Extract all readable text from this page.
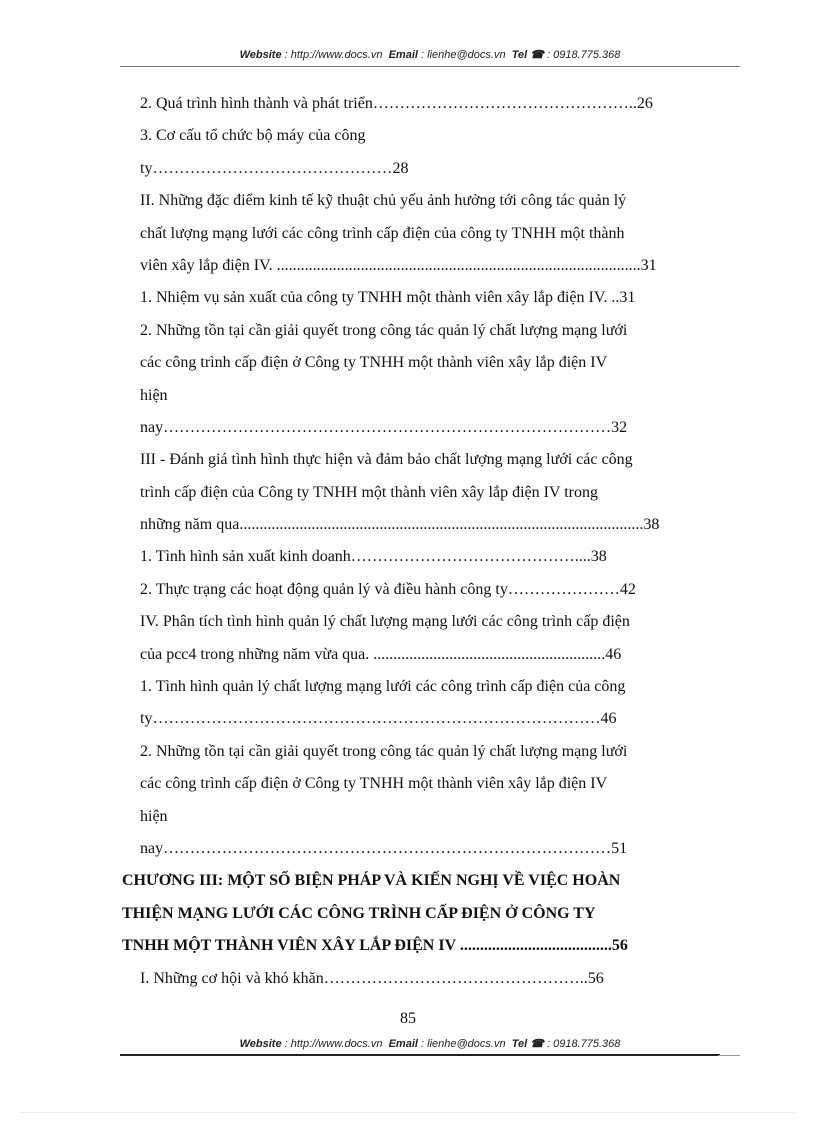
Website : http://www.docs.vn Email : lienhe@docs.vn Tel ☎ : 0918.775.368
2. Quá trình hình thành và phát triển…………………………………………..26
3. Cơ cấu tổ chức bộ máy của công
ty………………………………………28
II. Những đặc điểm kinh tế kỹ thuật chủ yếu ảnh hưởng tới công tác quản lý
chất lượng mạng lưới các công trình cấp điện của công ty TNHH một thành
viên xây lắp điện IV. ...........................................................................................31
1. Nhiệm vụ sản xuất của công ty TNHH một thành viên xây lắp điện IV. ..31
2. Những tồn tại cần giải quyết trong công tác quản lý chất lượng mạng lưới
các công trình cấp điện ở Công ty TNHH một thành viên xây lắp điện IV
hiện
nay…………………………………………………………………………32
III - Đánh giá tình hình thực hiện và đảm bảo chất lượng mạng lưới các công
trình cấp điện của Công ty TNHH một thành viên xây lắp điện IV trong
những năm qua.....................................................................................................38
1. Tình hình sản xuất kinh doanh……………………………………....38
2. Thực trạng các hoạt động quản lý và điều hành công ty…………………42
IV. Phân tích tình hình quản lý chất lượng mạng lưới các công trình cấp điện
của pcc4 trong những năm vừa qua. ..........................................................46
1. Tình hình quản lý chất lượng mạng lưới các công trình cấp điện của công
ty…………………………………………………………………………46
2. Những tồn tại cần giải quyết trong công tác quản lý chất lượng mạng lưới
các công trình cấp điện ở Công ty TNHH một thành viên xây lắp điện IV
hiện
nay…………………………………………………………………………51
CHƯƠNG III: MỘT SỐ BIỆN PHÁP VÀ KIẾN NGHỊ VỀ VIỆC HOÀN
THIỆN MẠNG LƯỚI CÁC CÔNG TRÌNH CẤP ĐIỆN Ở CÔNG TY
TNHH MỘT THÀNH VIÊN XÂY LẮP ĐIỆN IV ......................................56
I. Những cơ hội và khó khăn…………………………………………..56
85
Website : http://www.docs.vn Email : lienhe@docs.vn Tel ☎ : 0918.775.368
